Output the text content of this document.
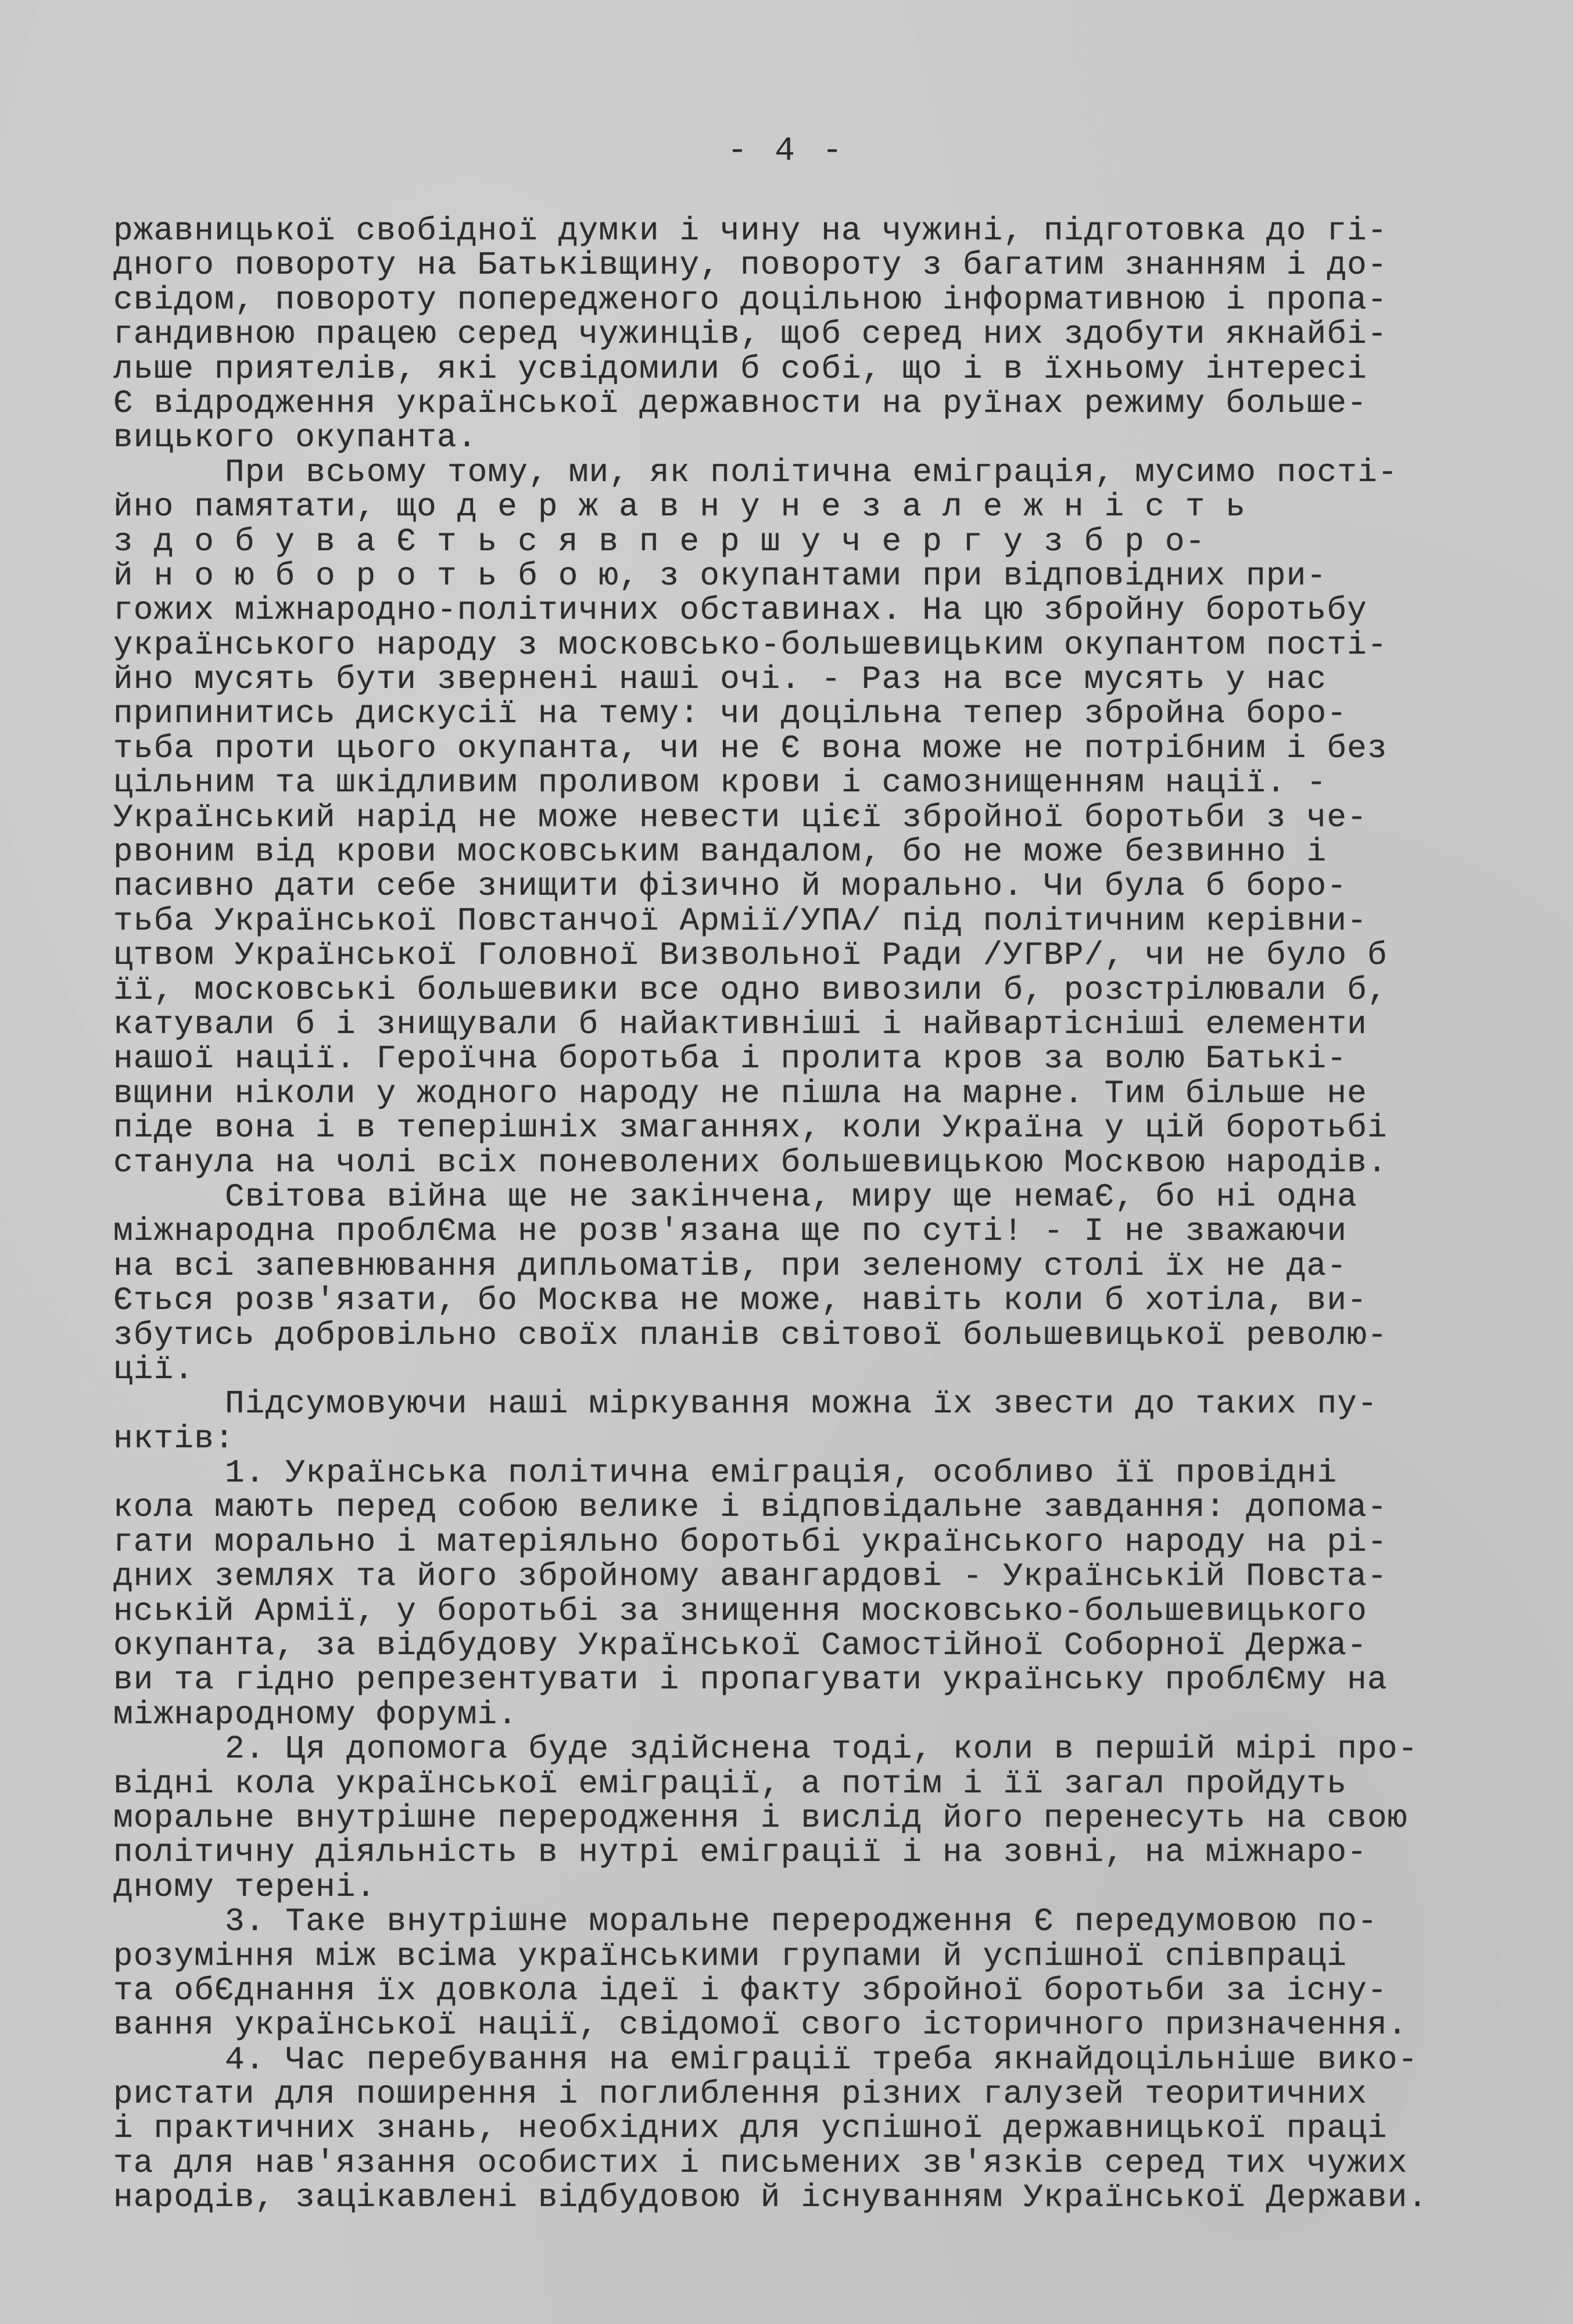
- 4 -
ржавницької свобідної думки і чину на чужині, підготовка до гі-
дного повороту на Батьківщину, повороту з багатим знанням і до-
свідом, повороту попередженого доцільною інформативною і пропа-
гандивною працею серед чужинців, щоб серед них здобути якнайбі-
льше приятелів, які усвідомили б собі, що і в їхньому інтересі
Є відродження української державности на руїнах режиму больше-
вицького окупанта.
При всьому тому, ми, як політична еміграція, мусимо пості-
йно памятати, що д е р ж а в н у н е з а л е ж н і с т ь
з д о б у в а Є т ь с я в п е р ш у ч е р г у з б р о-
й н о ю б о р о т ь б о ю, з окупантами при відповідних при-
гожих міжнародно-політичних обставинах. На цю збройну боротьбу
українського народу з московсько-большевицьким окупантом пості-
йно мусять бути звернені наші очі. - Раз на все мусять у нас
припинитись дискусії на тему: чи доцільна тепер збройна боро-
тьба проти цього окупанта, чи не Є вона може не потрібним і без
цільним та шкідливим проливом крови і самознищенням нації. -
Український нарід не може невести цієї збройної боротьби з че-
рвоним від крови московським вандалом, бо не може безвинно і
пасивно дати себе знищити фізично й морально. Чи була б боро-
тьба Української Повстанчої Армії/УПА/ під політичним керівни-
цтвом Української Головної Визвольної Ради /УГВР/, чи не було б
її, московські большевики все одно вивозили б, розстрілювали б,
катували б і знищували б найактивніші і найвартісніші елементи
нашої нації. Героїчна боротьба і пролита кров за волю Батькі-
вщини ніколи у жодного народу не пішла на марне. Тим більше не
піде вона і в теперішніх змаганнях, коли Україна у цій боротьбі
станула на чолі всіх поневолених большевицькою Москвою народів.
Світова війна ще не закінчена, миру ще немаЄ, бо ні одна
міжнародна проблЄма не розв'язана ще по суті! - І не зважаючи
на всі запевнювання дипльоматів, при зеленому столі їх не да-
Ється розв'язати, бо Москва не може, навіть коли б хотіла, ви-
збутись добровільно своїх планів світової большевицької револю-
ції.
Підсумовуючи наші міркування можна їх звести до таких пу-
нктів:
1. Українська політична еміграція, особливо її провідні
кола мають перед собою велике і відповідальне завдання: допома-
гати морально і матеріяльно боротьбі українського народу на рі-
дних землях та його збройному авангардові - Українській Повста-
нській Армії, у боротьбі за знищення московсько-большевицького
окупанта, за відбудову Української Самостійної Соборної Держа-
ви та гідно репрезентувати і пропагувати українську проблЄму на
міжнародному форумі.
2. Ця допомога буде здійснена тоді, коли в першій мірі про-
відні кола української еміграції, а потім і її загал пройдуть
моральне внутрішне переродження і вислід його перенесуть на свою
політичну діяльність в нутрі еміграції і на зовні, на міжнаро-
дному терені.
3. Таке внутрішне моральне переродження Є передумовою по-
розуміння між всіма українськими групами й успішної співпраці
та обЄднання їх довкола ідеї і факту збройної боротьби за існу-
вання української нації, свідомої свого історичного призначення.
4. Час перебування на еміграції треба якнайдоцільніше вико-
ристати для поширення і поглиблення різних галузей теоритичних
і практичних знань, необхідних для успішної державницької праці
та для нав'язання особистих і письмених зв'язків серед тих чужих
народів, зацікавлені відбудовою й існуванням Української Держави.
